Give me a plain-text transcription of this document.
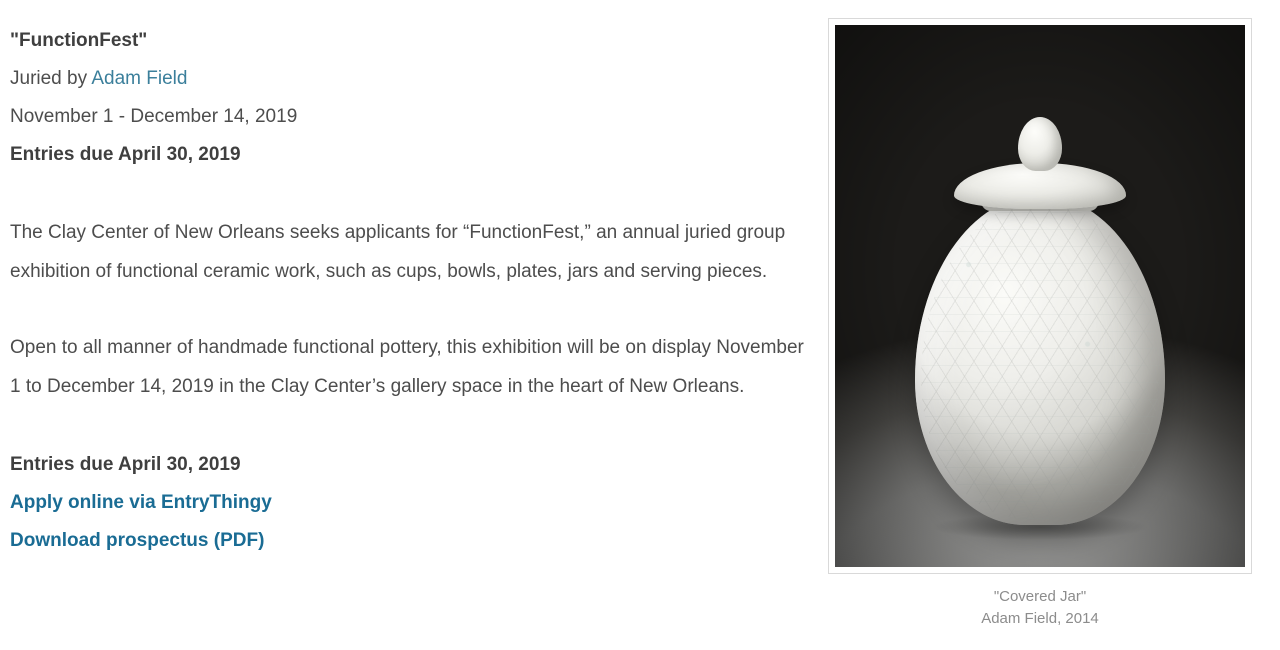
"FunctionFest"
Juried by Adam Field
November 1 - December 14, 2019
Entries due April 30, 2019
The Clay Center of New Orleans seeks applicants for “FunctionFest,” an annual juried group exhibition of functional ceramic work, such as cups, bowls, plates, jars and serving pieces.
Open to all manner of handmade functional pottery, this exhibition will be on display November 1 to December 14, 2019 in the Clay Center’s gallery space in the heart of New Orleans.
Entries due April 30, 2019
Apply online via EntryThingy
Download prospectus (PDF)
"Covered Jar"
Adam Field, 2014
